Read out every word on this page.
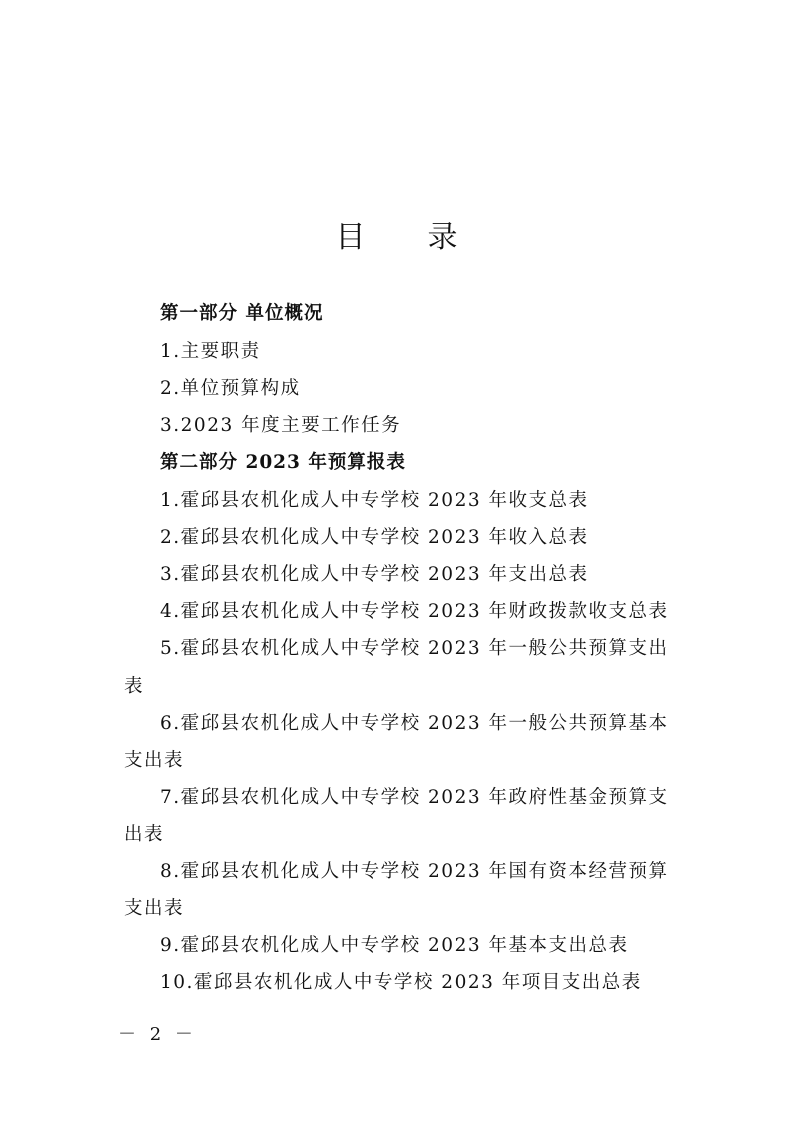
目 录
第一部分 单位概况
1.主要职责
2.单位预算构成
3.2023 年度主要工作任务
第二部分 2023 年预算报表
1.霍邱县农机化成人中专学校 2023 年收支总表
2.霍邱县农机化成人中专学校 2023 年收入总表
3.霍邱县农机化成人中专学校 2023 年支出总表
4.霍邱县农机化成人中专学校 2023 年财政拨款收支总表
5.霍邱县农机化成人中专学校 2023 年一般公共预算支出
表
6.霍邱县农机化成人中专学校 2023 年一般公共预算基本
支出表
7.霍邱县农机化成人中专学校 2023 年政府性基金预算支
出表
8.霍邱县农机化成人中专学校 2023 年国有资本经营预算
支出表
9.霍邱县农机化成人中专学校 2023 年基本支出总表
10.霍邱县农机化成人中专学校 2023 年项目支出总表
－ 2 －
